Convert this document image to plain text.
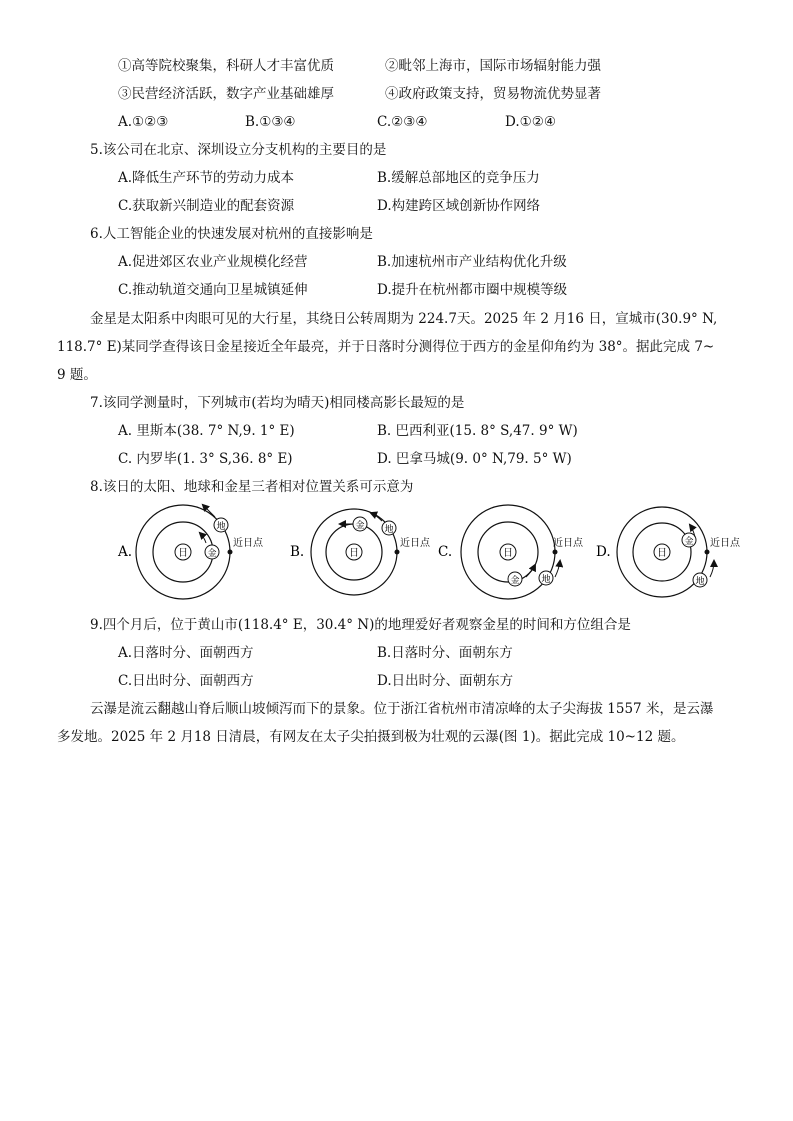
①高等院校聚集，科研人才丰富优质	②毗邻上海市，国际市场辐射能力强
③民营经济活跃，数字产业基础雄厚	④政府政策支持，贸易物流优势显著
A.①②③	B.①③④	C.②③④	D.①②④
5.该公司在北京、深圳设立分支机构的主要目的是
A.降低生产环节的劳动力成本	B.缓解总部地区的竞争压力
C.获取新兴制造业的配套资源	D.构建跨区域创新协作网络
6.人工智能企业的快速发展对杭州的直接影响是
A.促进郊区农业产业规模化经营	B.加速杭州市产业结构优化升级
C.推动轨道交通向卫星城镇延伸	D.提升在杭州都市圈中规模等级
金星是太阳系中肉眼可见的大行星，其绕日公转周期为 224.7天。2025 年 2 月16 日，宣城市(30.9° N,
118.7° E)某同学查得该日金星接近全年最亮，并于日落时分测得位于西方的金星仰角约为 38°。据此完成 7~
9 题。
7.该同学测量时，下列城市(若均为晴天)相同楼高影长最短的是
A. 里斯本(38. 7° N,9. 1° E)	B. 巴西利亚(15. 8° S,47. 9° W)
C. 内罗毕(1. 3° S,36. 8° E)	D. 巴拿马城(9. 0° N,79. 5° W)
8.该日的太阳、地球和金星三者相对位置关系可示意为
A.	日 金
地
近日点
B.	日
金 地
近日点
C.	日
金 地
近日点
D.	日
金
地
近日点
9.四个月后，位于黄山市(118.4° E，30.4° N)的地理爱好者观察金星的时间和方位组合是
A.日落时分、面朝西方	B.日落时分、面朝东方
C.日出时分、面朝西方	D.日出时分、面朝东方
云瀑是流云翻越山脊后顺山坡倾泻而下的景象。位于浙江省杭州市清凉峰的太子尖海拔 1557 米，是云瀑
多发地。2025 年 2 月18 日清晨，有网友在太子尖拍摄到极为壮观的云瀑(图 1)。据此完成 10~12 题。
